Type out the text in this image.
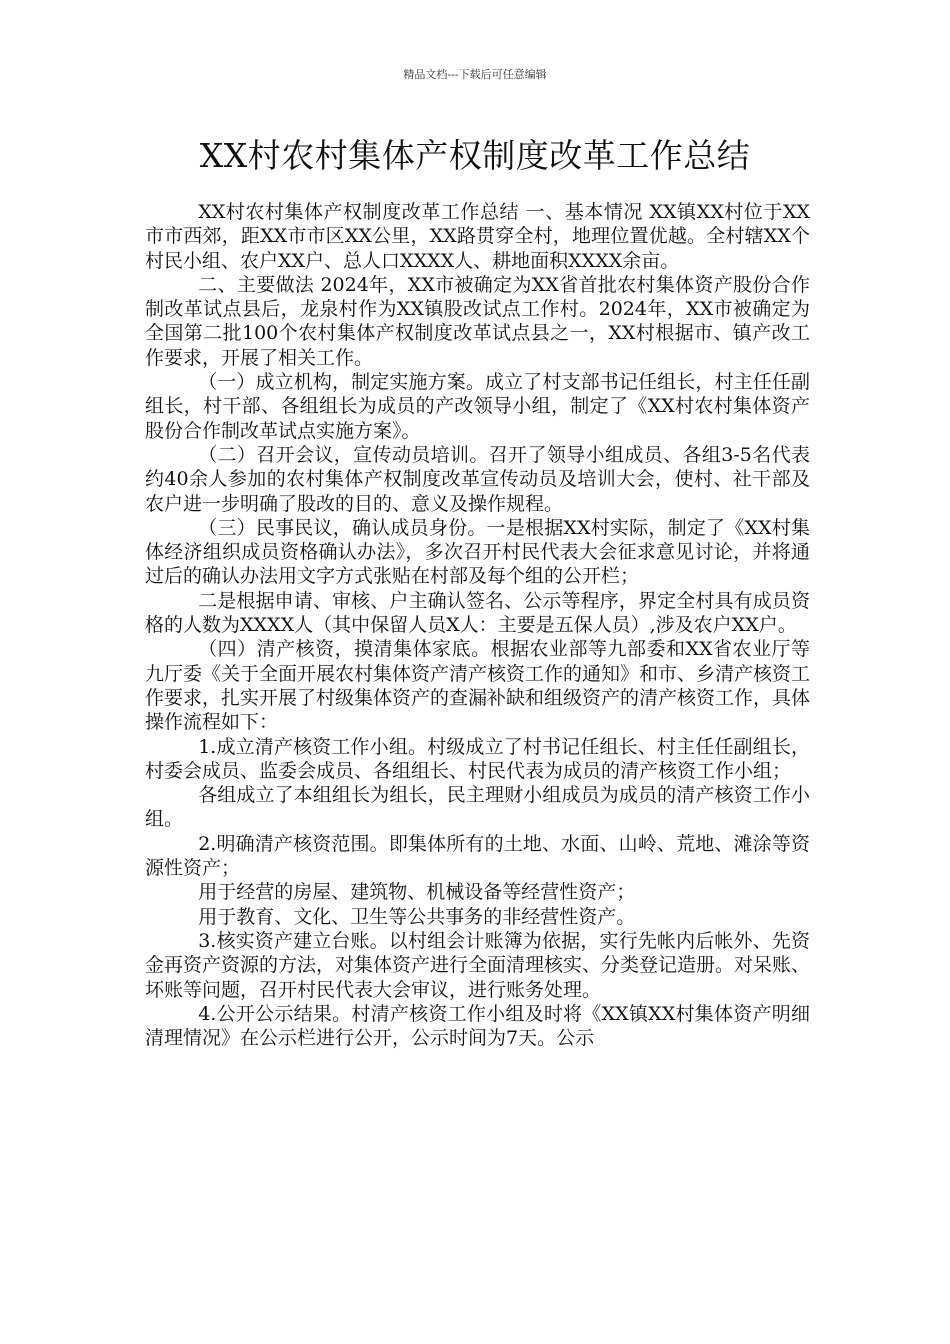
精品文档---下载后可任意编辑
XX村农村集体产权制度改革工作总结

XX村农村集体产权制度改革工作总结 一、基本情况 XX镇XX村位于XX市市西郊，距XX市市区XX公里，XX路贯穿全村，地理位置优越。全村辖XX个村民小组、农户XX户、总人口XXXX人、耕地面积XXXX余亩。

二、主要做法 2024年，XX市被确定为XX省首批农村集体资产股份合作制改革试点县后，龙泉村作为XX镇股改试点工作村。2024年，XX市被确定为全国第二批100个农村集体产权制度改革试点县之一，XX村根据市、镇产改工作要求，开展了相关工作。

（一）成立机构，制定实施方案。成立了村支部书记任组长，村主任任副组长，村干部、各组组长为成员的产改领导小组，制定了《XX村农村集体资产股份合作制改革试点实施方案》。

（二）召开会议，宣传动员培训。召开了领导小组成员、各组3-5名代表约40余人参加的农村集体产权制度改革宣传动员及培训大会，使村、社干部及农户进一步明确了股改的目的、意义及操作规程。

（三）民事民议，确认成员身份。一是根据XX村实际，制定了《XX村集体经济组织成员资格确认办法》，多次召开村民代表大会征求意见讨论，并将通过后的确认办法用文字方式张贴在村部及每个组的公开栏；

二是根据申请、审核、户主确认签名、公示等程序，界定全村具有成员资格的人数为XXXX人（其中保留人员X人：主要是五保人员）,涉及农户XX户。

（四）清产核资，摸清集体家底。根据农业部等九部委和XX省农业厅等九厅委《关于全面开展农村集体资产清产核资工作的通知》和市、乡清产核资工作要求，扎实开展了村级集体资产的查漏补缺和组级资产的清产核资工作，具体操作流程如下：

1.成立清产核资工作小组。村级成立了村书记任组长、村主任任副组长，村委会成员、监委会成员、各组组长、村民代表为成员的清产核资工作小组；

各组成立了本组组长为组长，民主理财小组成员为成员的清产核资工作小组。

2.明确清产核资范围。即集体所有的土地、水面、山岭、荒地、滩涂等资源性资产；

用于经营的房屋、建筑物、机械设备等经营性资产；

用于教育、文化、卫生等公共事务的非经营性资产。

3.核实资产建立台账。以村组会计账簿为依据，实行先帐内后帐外、先资金再资产资源的方法，对集体资产进行全面清理核实、分类登记造册。对呆账、坏账等问题，召开村民代表大会审议，进行账务处理。

4.公开公示结果。村清产核资工作小组及时将《XX镇XX村集体资产明细清理情况》在公示栏进行公开，公示时间为7天。公示
